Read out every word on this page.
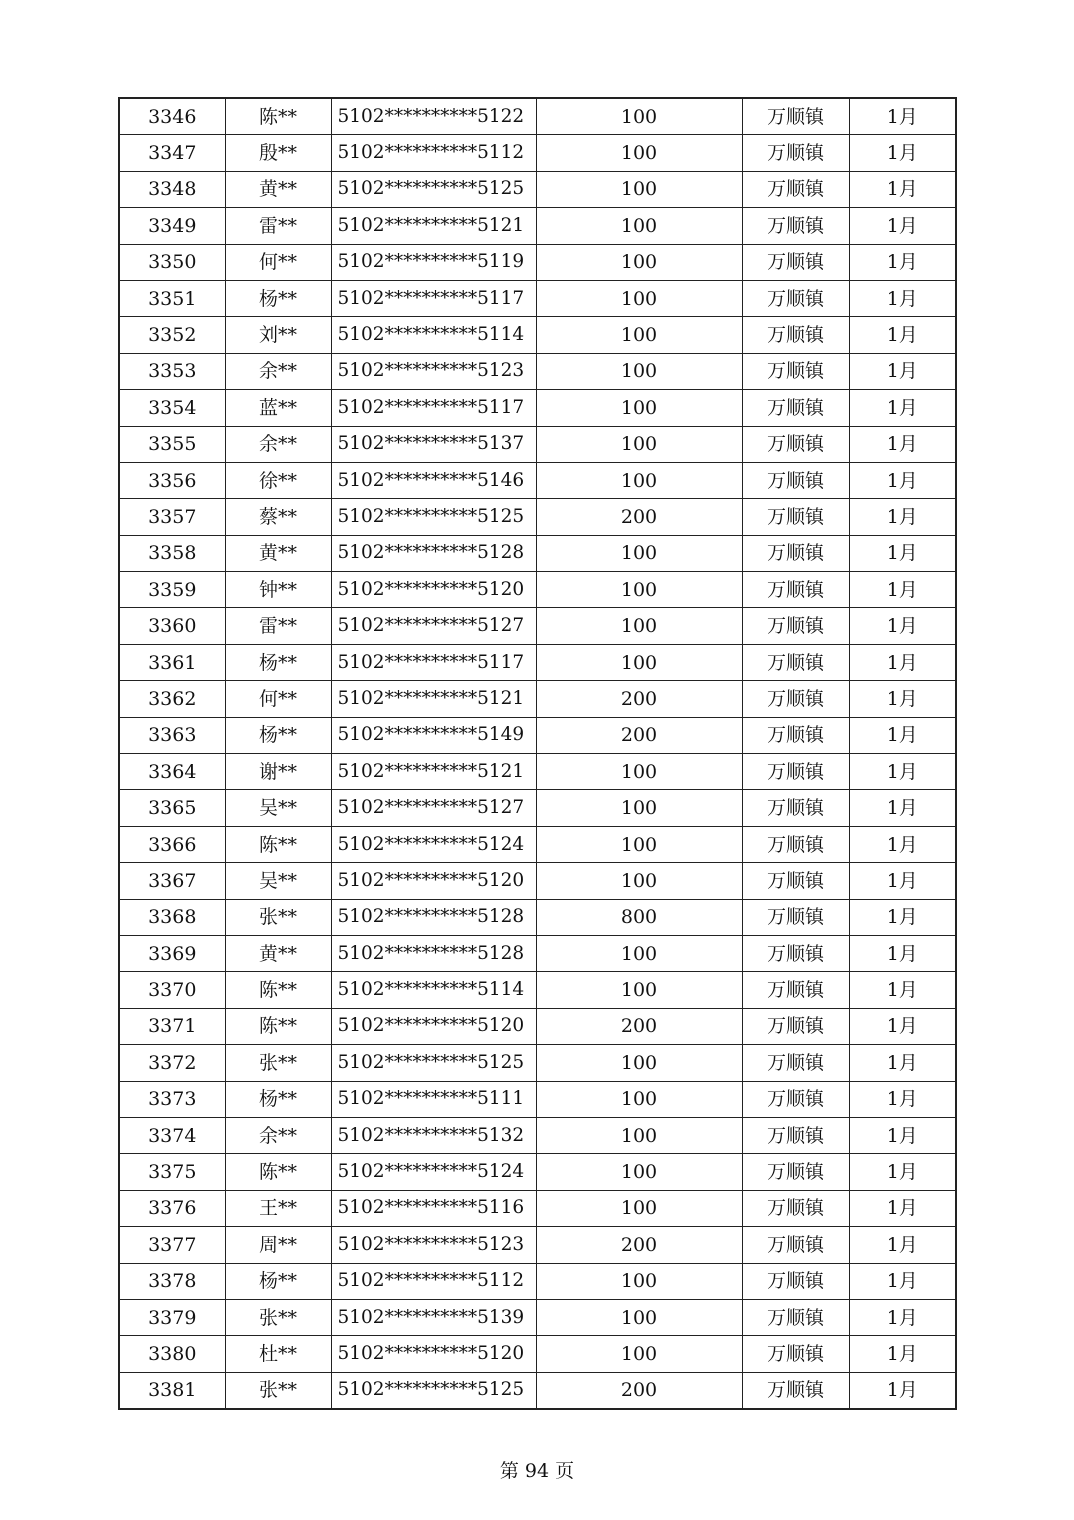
3346	陈**	5102**********5122	100	万顺镇	1月
3347	殷**	5102**********5112	100	万顺镇	1月
3348	黄**	5102**********5125	100	万顺镇	1月
3349	雷**	5102**********5121	100	万顺镇	1月
3350	何**	5102**********5119	100	万顺镇	1月
3351	杨**	5102**********5117	100	万顺镇	1月
3352	刘**	5102**********5114	100	万顺镇	1月
3353	余**	5102**********5123	100	万顺镇	1月
3354	蓝**	5102**********5117	100	万顺镇	1月
3355	余**	5102**********5137	100	万顺镇	1月
3356	徐**	5102**********5146	100	万顺镇	1月
3357	蔡**	5102**********5125	200	万顺镇	1月
3358	黄**	5102**********5128	100	万顺镇	1月
3359	钟**	5102**********5120	100	万顺镇	1月
3360	雷**	5102**********5127	100	万顺镇	1月
3361	杨**	5102**********5117	100	万顺镇	1月
3362	何**	5102**********5121	200	万顺镇	1月
3363	杨**	5102**********5149	200	万顺镇	1月
3364	谢**	5102**********5121	100	万顺镇	1月
3365	吴**	5102**********5127	100	万顺镇	1月
3366	陈**	5102**********5124	100	万顺镇	1月
3367	吴**	5102**********5120	100	万顺镇	1月
3368	张**	5102**********5128	800	万顺镇	1月
3369	黄**	5102**********5128	100	万顺镇	1月
3370	陈**	5102**********5114	100	万顺镇	1月
3371	陈**	5102**********5120	200	万顺镇	1月
3372	张**	5102**********5125	100	万顺镇	1月
3373	杨**	5102**********5111	100	万顺镇	1月
3374	余**	5102**********5132	100	万顺镇	1月
3375	陈**	5102**********5124	100	万顺镇	1月
3376	王**	5102**********5116	100	万顺镇	1月
3377	周**	5102**********5123	200	万顺镇	1月
3378	杨**	5102**********5112	100	万顺镇	1月
3379	张**	5102**********5139	100	万顺镇	1月
3380	杜**	5102**********5120	100	万顺镇	1月
3381	张**	5102**********5125	200	万顺镇	1月
第 94 页
